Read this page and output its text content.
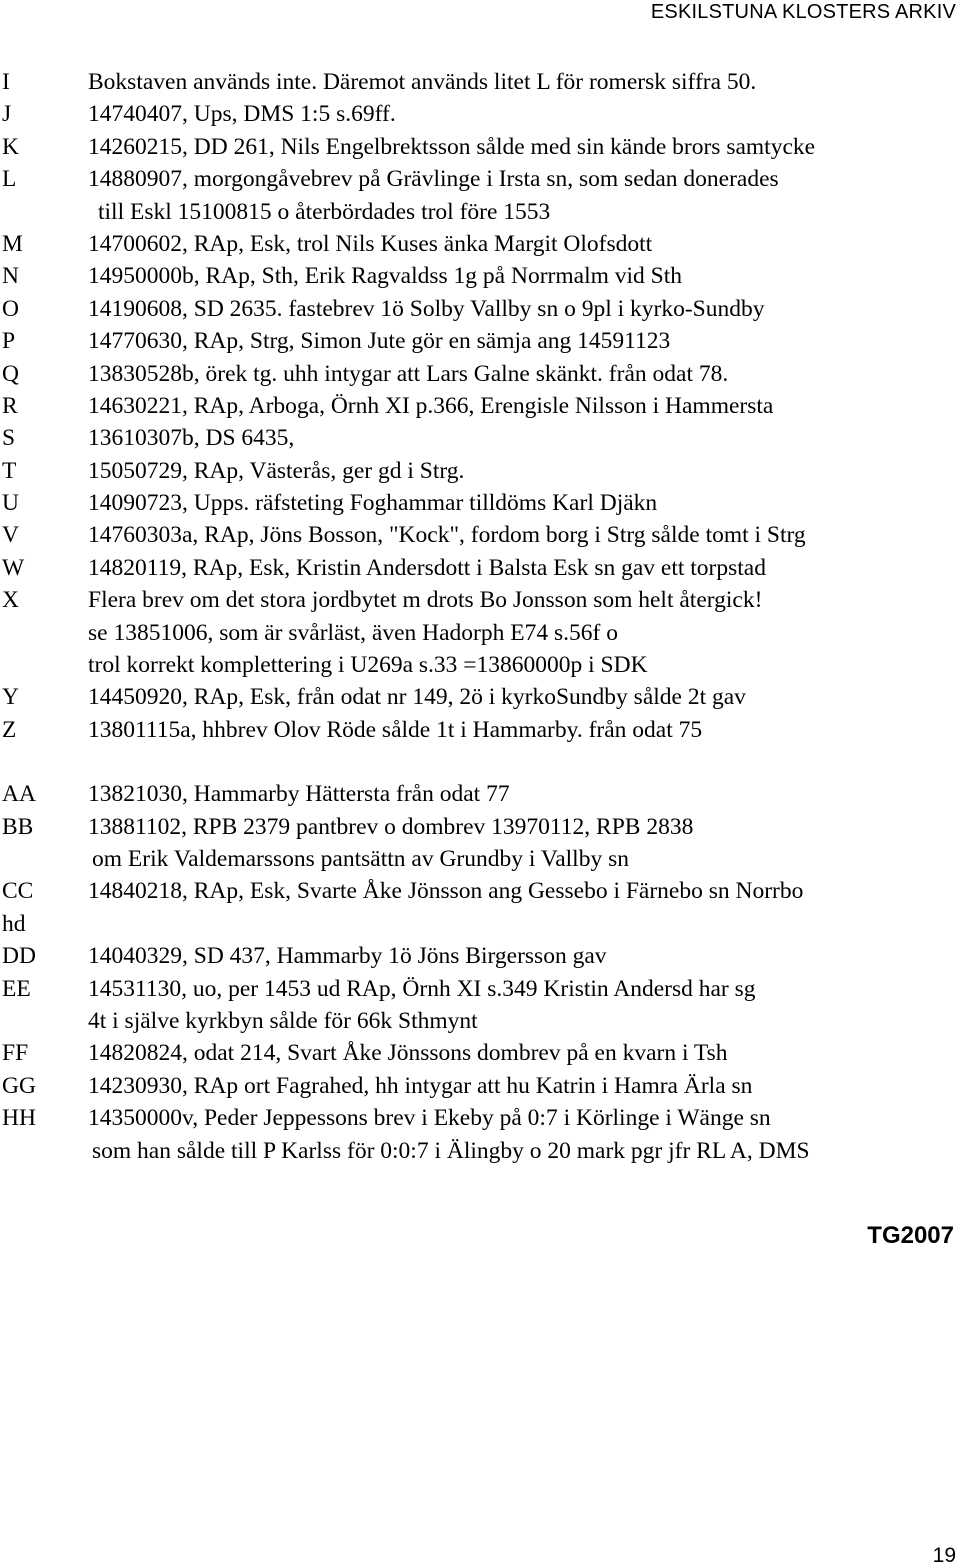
ESKILSTUNA KLOSTERS ARKIV
I	Bokstaven används inte. Däremot används litet L för romersk siffra 50.
J	14740407, Ups, DMS 1:5 s.69ff.
K	14260215, DD 261, Nils Engelbrektsson sålde med sin kände brors samtycke
L	14880907, morgongåvebrev på Grävlinge i Irsta sn, som sedan donerades
till Eskl 15100815 o återbördades trol före 1553
M	14700602, RAp, Esk, trol Nils Kuses änka Margit Olofsdott
N	14950000b, RAp, Sth, Erik Ragvaldss 1g på Norrmalm vid Sth
O	14190608, SD 2635. fastebrev 1ö Solby Vallby sn o 9pl i kyrko-Sundby
P	14770630, RAp, Strg, Simon Jute gör en sämja ang 14591123
Q	13830528b, örek tg. uhh intygar att Lars Galne skänkt. från odat 78.
R	14630221, RAp, Arboga, Örnh XI p.366, Erengisle Nilsson i Hammersta
S	13610307b, DS 6435,
T	15050729, RAp, Västerås, ger gd i Strg.
U	14090723, Upps. räfsteting Foghammar tilldöms Karl Djäkn
V	14760303a, RAp, Jöns Bosson, "Kock", fordom borg i Strg sålde tomt i Strg
W	14820119, RAp, Esk, Kristin Andersdott i Balsta Esk sn gav ett torpstad
X	Flera brev om det stora jordbytet m drots Bo Jonsson som helt återgick!
se 13851006, som är svårläst, även Hadorph E74 s.56f o
trol korrekt komplettering i U269a s.33 =13860000p i SDK
Y	14450920, RAp, Esk, från odat nr 149, 2ö i kyrkoSundby sålde 2t gav
Z	13801115a, hhbrev Olov Röde sålde 1t i Hammarby. från odat 75
AA 13821030, Hammarby Hättersta från odat 77
BB 13881102, RPB 2379 pantbrev o dombrev 13970112, RPB 2838
om Erik Valdemarssons pantsättn av Grundby i Vallby sn
CC 14840218, RAp, Esk, Svarte Åke Jönsson ang Gessebo i Färnebo sn Norrbo
hd
DD 14040329, SD 437, Hammarby 1ö Jöns Birgersson gav
EE 14531130, uo, per 1453 ud RAp, Örnh XI s.349 Kristin Andersd har sg
4t i själve kyrkbyn sålde för 66k Sthmynt
FF	14820824, odat 214, Svart Åke Jönssons dombrev på en kvarn i Tsh
GG 14230930, RAp ort Fagrahed, hh intygar att hu Katrin i Hamra Ärla sn
HH 14350000v, Peder Jeppessons brev i Ekeby på 0:7 i Körlinge i Wänge sn
som han sålde till P Karlss för 0:0:7 i Älingby o 20 mark pgr jfr RL A, DMS
TG2007
19
